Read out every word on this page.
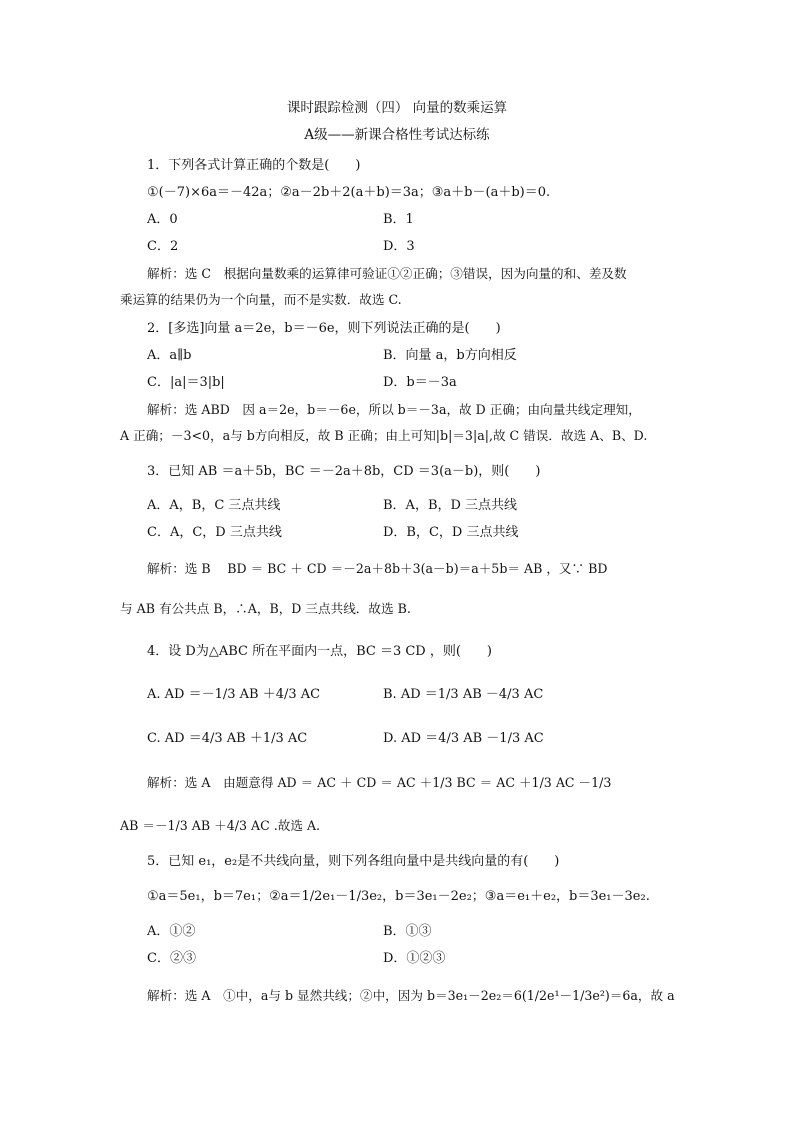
课时跟踪检测（四） 向量的数乘运算
A级——新课合格性考试达标练
1．下列各式计算正确的个数是(　　)
①(－7)×6a＝－42a；②a－2b＋2(a＋b)＝3a；③a＋b－(a＋b)＝0.
A．0	B．1
C．2	D．3
解析：选 C　根据向量数乘的运算律可验证①②正确；③错误，因为向量的和、差及数
乘运算的结果仍为一个向量，而不是实数．故选 C.
2．[多选]向量 a＝2e，b＝－6e，则下列说法正确的是(　　)
A．a∥b	B．向量 a，b方向相反
C．|a|＝3|b|	D．b＝－3a
解析：选 ABD　因 a＝2e，b＝－6e，所以 b＝－3a，故 D 正确；由向量共线定理知，
A 正确；－3<0，a与 b方向相反，故 B 正确；由上可知|b|＝3|a|,故 C 错误．故选 A、B、D.
3．已知 AB ＝a＋5b，BC ＝－2a＋8b，CD ＝3(a－b)，则(　　)
A．A，B，C 三点共线	B．A，B，D 三点共线
C．A，C，D 三点共线	D．B，C，D 三点共线
解析：选 B　 BD ＝ BC ＋ CD ＝－2a＋8b＋3(a－b)＝a＋5b＝ AB ，又∵ BD
与 AB 有公共点 B，∴A，B，D 三点共线．故选 B.
4．设 D为△ABC 所在平面内一点，BC ＝3 CD ，则(　　)
A. AD ＝－1/3 AB ＋4/3 AC	B. AD ＝1/3 AB －4/3 AC
C. AD ＝4/3 AB ＋1/3 AC	D. AD ＝4/3 AB －1/3 AC
解析：选 A　由题意得 AD ＝ AC ＋ CD ＝ AC ＋1/3 BC ＝ AC ＋1/3 AC －1/3
AB ＝－1/3 AB ＋4/3 AC .故选 A.
5．已知 e₁，e₂是不共线向量，则下列各组向量中是共线向量的有(　　)
①a＝5e₁，b＝7e₁；②a＝1/2e₁－1/3e₂，b＝3e₁－2e₂；③a＝e₁＋e₂，b＝3e₁－3e₂.
A．①②	B．①③
C．②③	D．①②③
解析：选 A　①中，a与 b 显然共线；②中，因为 b＝3e₁－2e₂＝6(1/2e¹－1/3e²)＝6a，故 a
